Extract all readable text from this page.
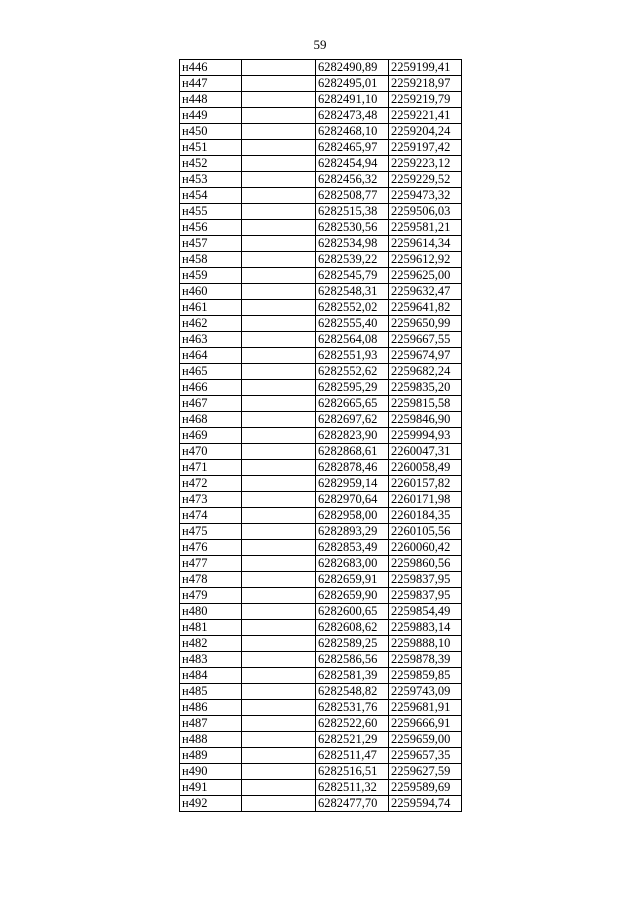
59
н446		6282490,89	2259199,41
н447		6282495,01	2259218,97
н448		6282491,10	2259219,79
н449		6282473,48	2259221,41
н450		6282468,10	2259204,24
н451		6282465,97	2259197,42
н452		6282454,94	2259223,12
н453		6282456,32	2259229,52
н454		6282508,77	2259473,32
н455		6282515,38	2259506,03
н456		6282530,56	2259581,21
н457		6282534,98	2259614,34
н458		6282539,22	2259612,92
н459		6282545,79	2259625,00
н460		6282548,31	2259632,47
н461		6282552,02	2259641,82
н462		6282555,40	2259650,99
н463		6282564,08	2259667,55
н464		6282551,93	2259674,97
н465		6282552,62	2259682,24
н466		6282595,29	2259835,20
н467		6282665,65	2259815,58
н468		6282697,62	2259846,90
н469		6282823,90	2259994,93
н470		6282868,61	2260047,31
н471		6282878,46	2260058,49
н472		6282959,14	2260157,82
н473		6282970,64	2260171,98
н474		6282958,00	2260184,35
н475		6282893,29	2260105,56
н476		6282853,49	2260060,42
н477		6282683,00	2259860,56
н478		6282659,91	2259837,95
н479		6282659,90	2259837,95
н480		6282600,65	2259854,49
н481		6282608,62	2259883,14
н482		6282589,25	2259888,10
н483		6282586,56	2259878,39
н484		6282581,39	2259859,85
н485		6282548,82	2259743,09
н486		6282531,76	2259681,91
н487		6282522,60	2259666,91
н488		6282521,29	2259659,00
н489		6282511,47	2259657,35
н490		6282516,51	2259627,59
н491		6282511,32	2259589,69
н492		6282477,70	2259594,74
